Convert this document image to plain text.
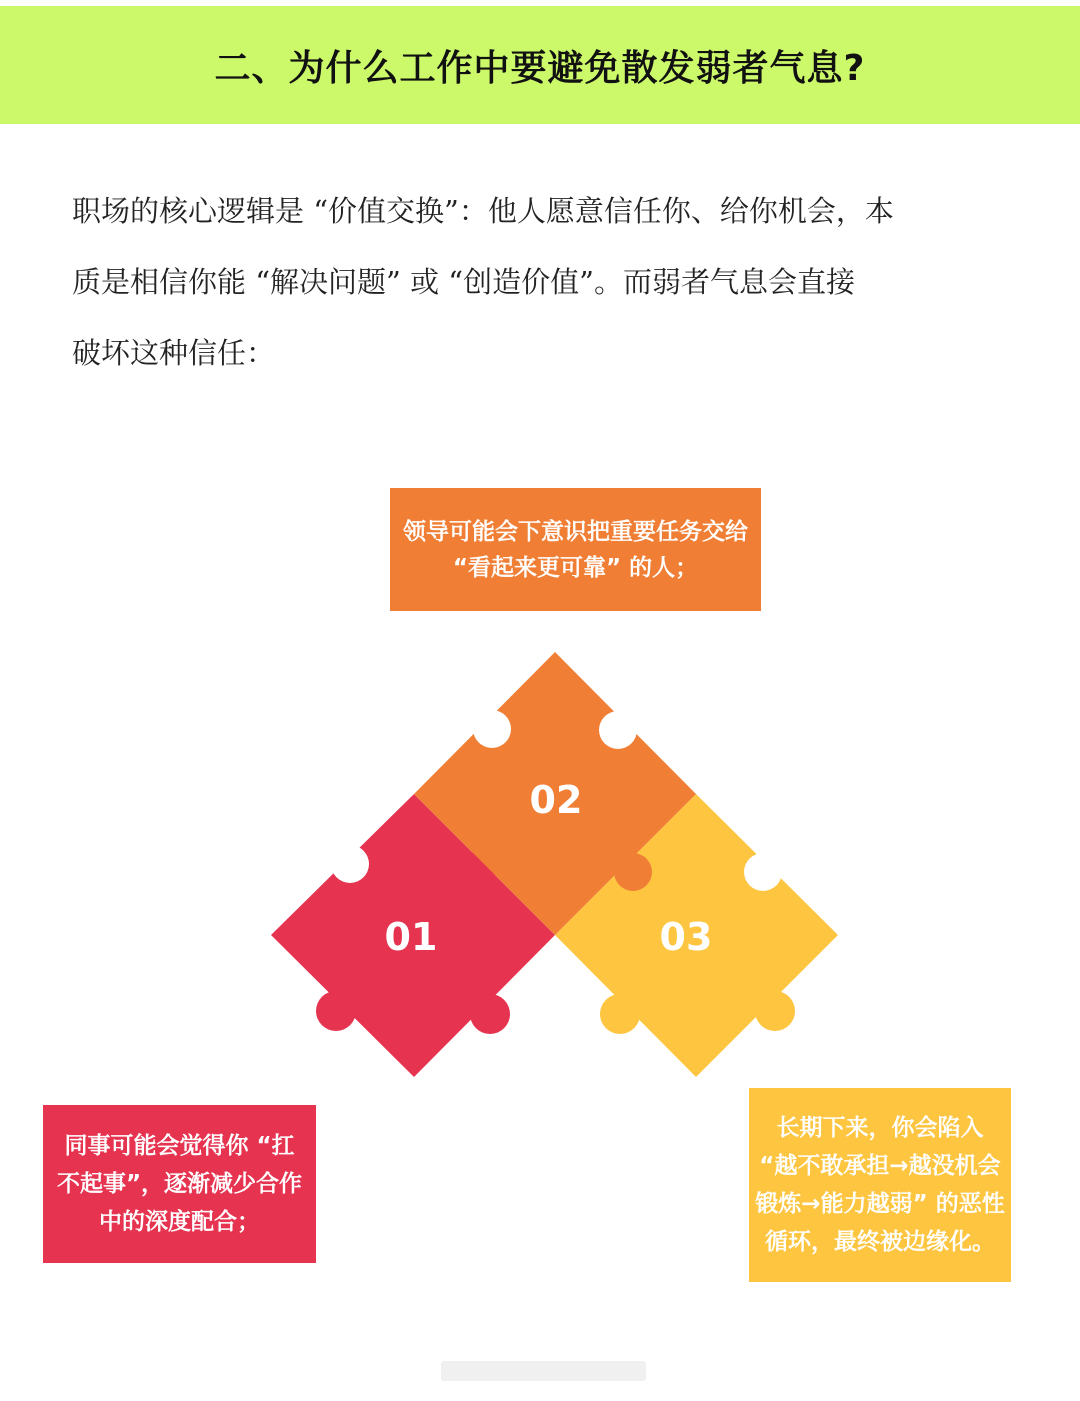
二、为什么工作中要避免散发弱者气息?

职场的核心逻辑是 “价值交换”：他人愿意信任你、给你机会，本

质是相信你能 “解决问题” 或 “创造价值”。而弱者气息会直接

破坏这种信任：

领导可能会下意识把重要任务交给 “看起来更可靠” 的人；
01
02
03
同事可能会觉得你 “扛不起事”，逐渐减少合作中的深度配合；
长期下来，你会陷入 “越不敢承担→越没机会锻炼→能力越弱” 的恶性循环，最终被边缘化。
